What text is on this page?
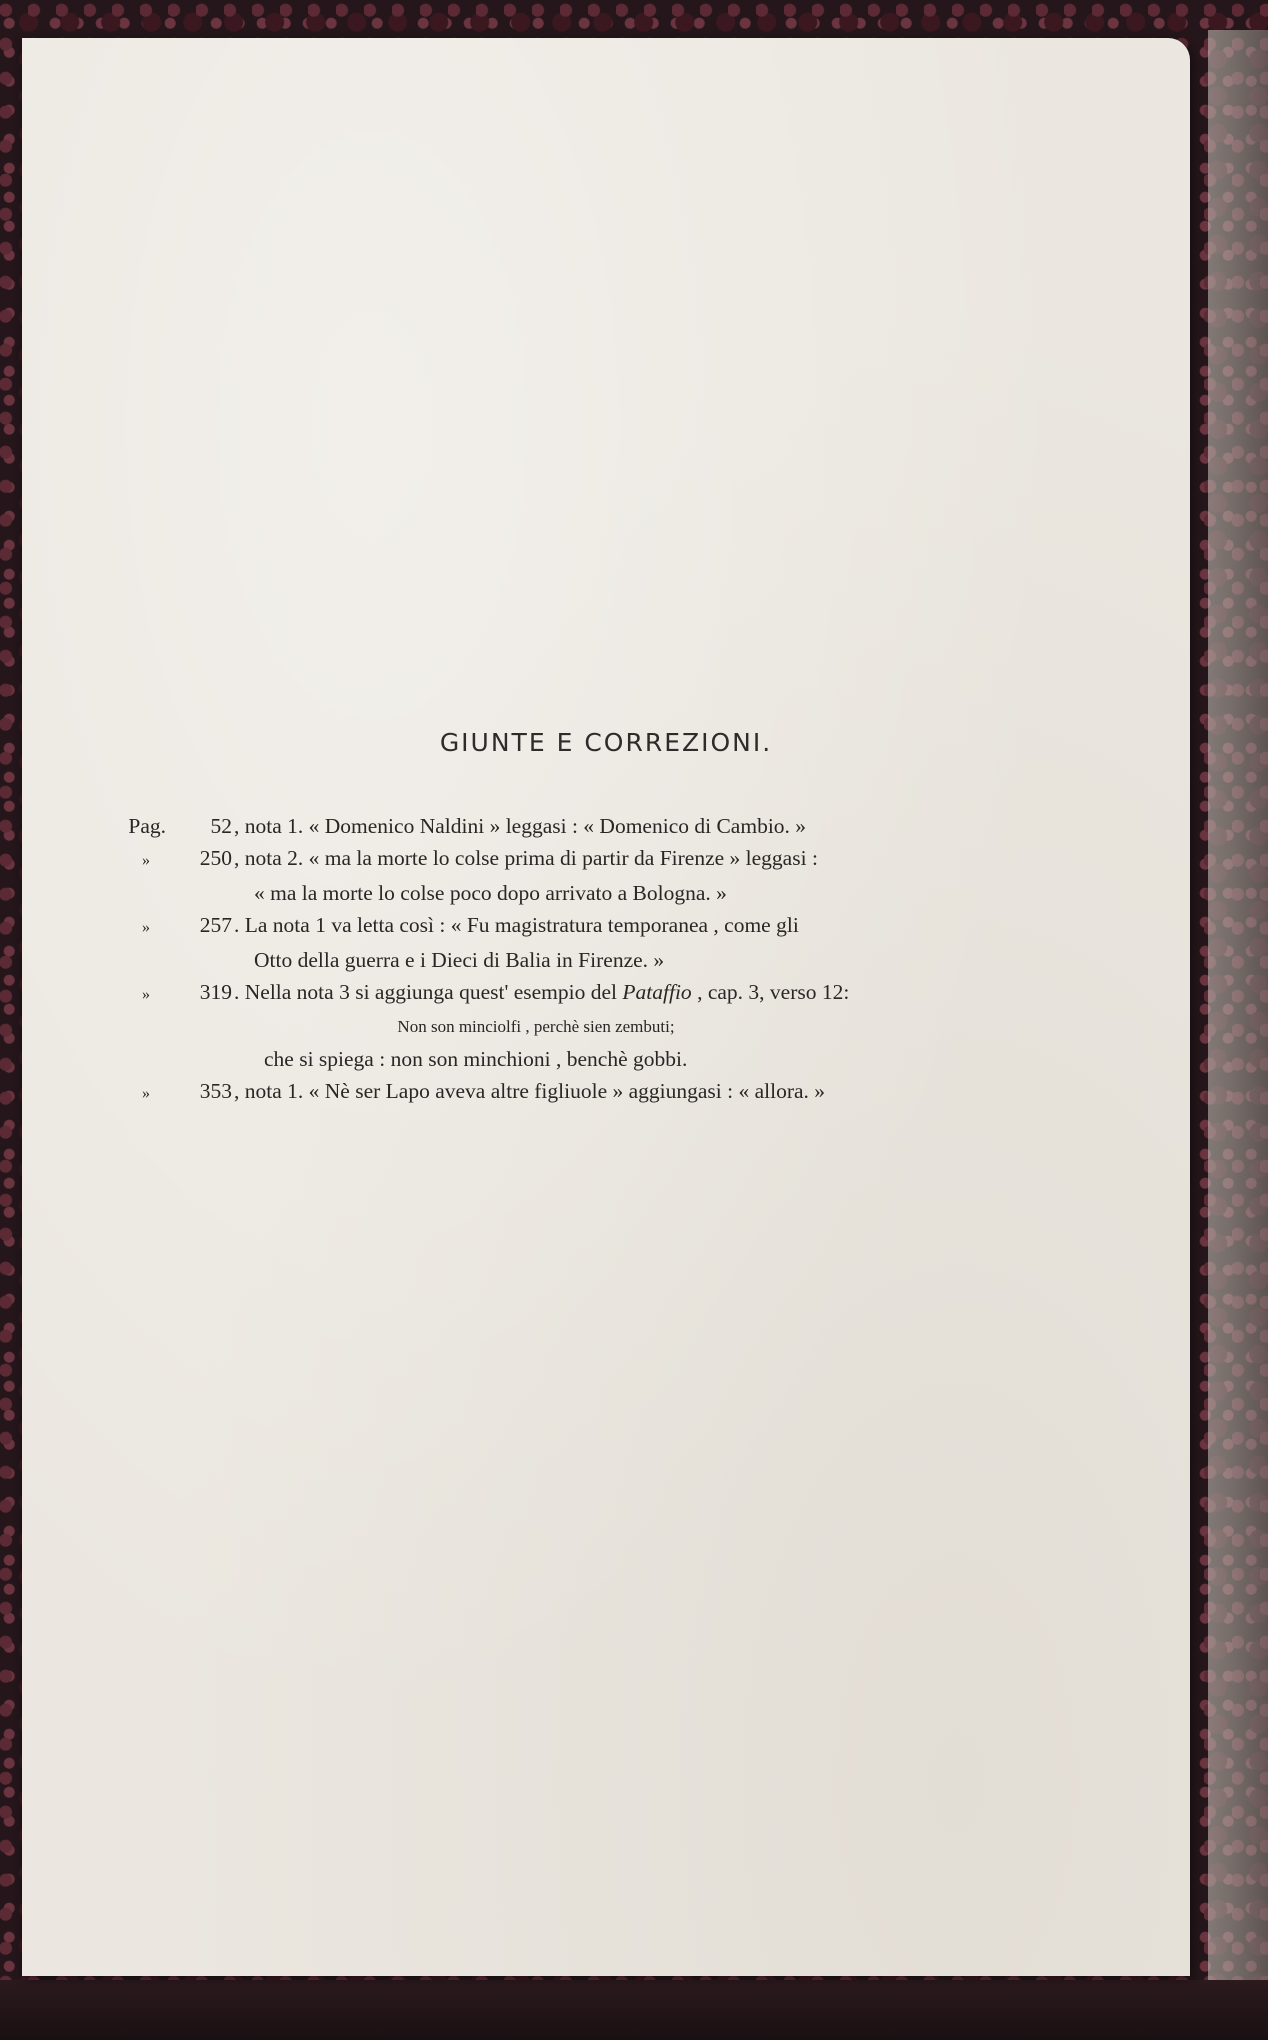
GIUNTE E CORREZIONI.
Pag.	52 , nota 1. « Domenico Naldini » leggasi : « Domenico di Cambio. »
»	250 , nota 2. « ma la morte lo colse prima di partir da Firenze » leggasi :
« ma la morte lo colse poco dopo arrivato a Bologna. »
»	257 . La nota 1 va letta così : « Fu magistratura temporanea , come gli
Otto della guerra e i Dieci di Balia in Firenze. »
»	319 . Nella nota 3 si aggiunga quest' esempio del Pataffio , cap. 3, verso 12:
Non son minciolfi , perchè sien zembuti;
che si spiega : non son minchioni , benchè gobbi.
»	353 , nota 1. « Nè ser Lapo aveva altre figliuole » aggiungasi : « allora. »
